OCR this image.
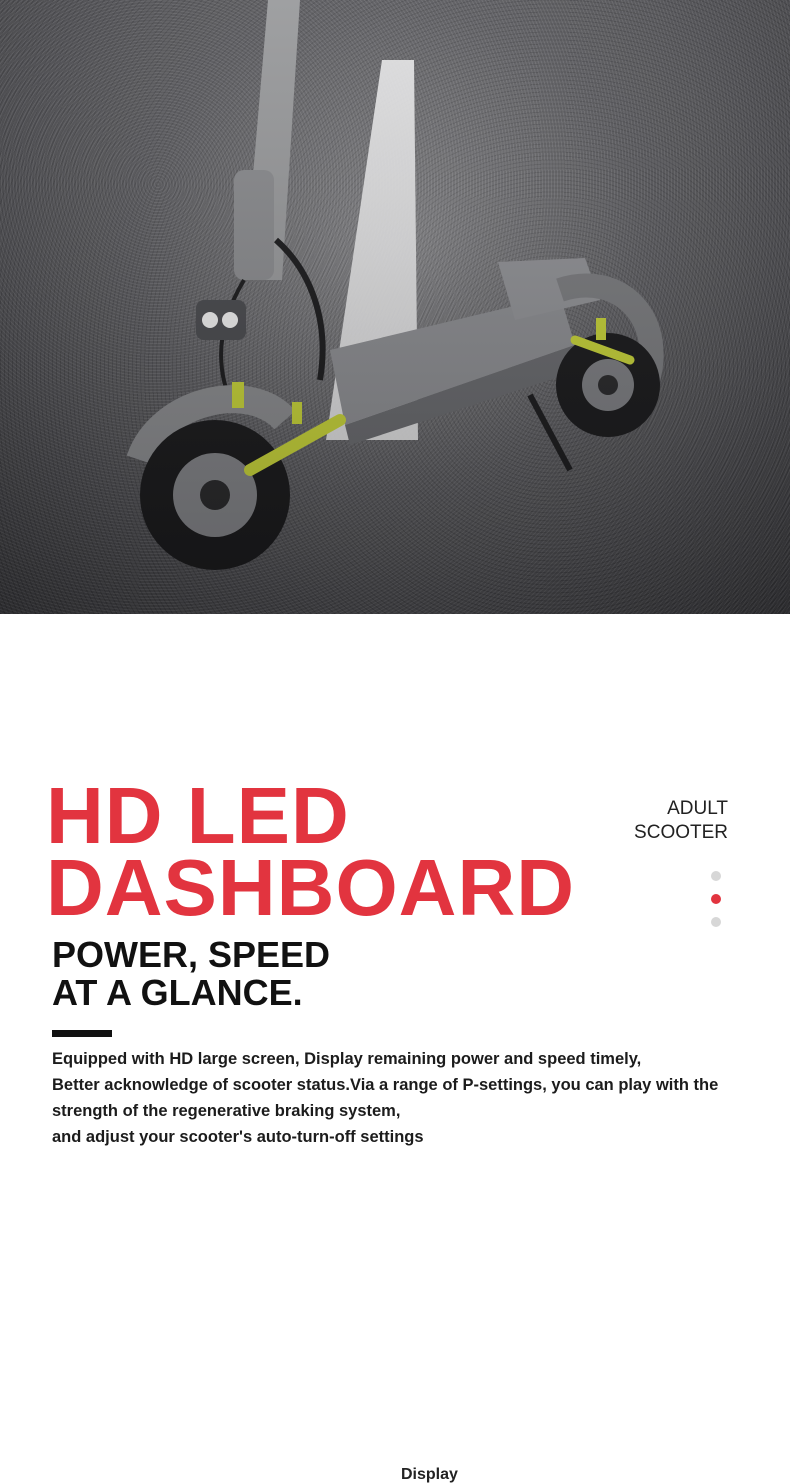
HD LED
DASHBOARD
ADULT
SCOOTER
POWER, SPEED
AT A GLANCE.

Equipped with HD large screen, Display remaining power and speed timely,
Better acknowledge of scooter status.Via a range of P-settings, you can play with the
strength of the regenerative braking system,
and adjust your scooter's auto-turn-off settings

Display
